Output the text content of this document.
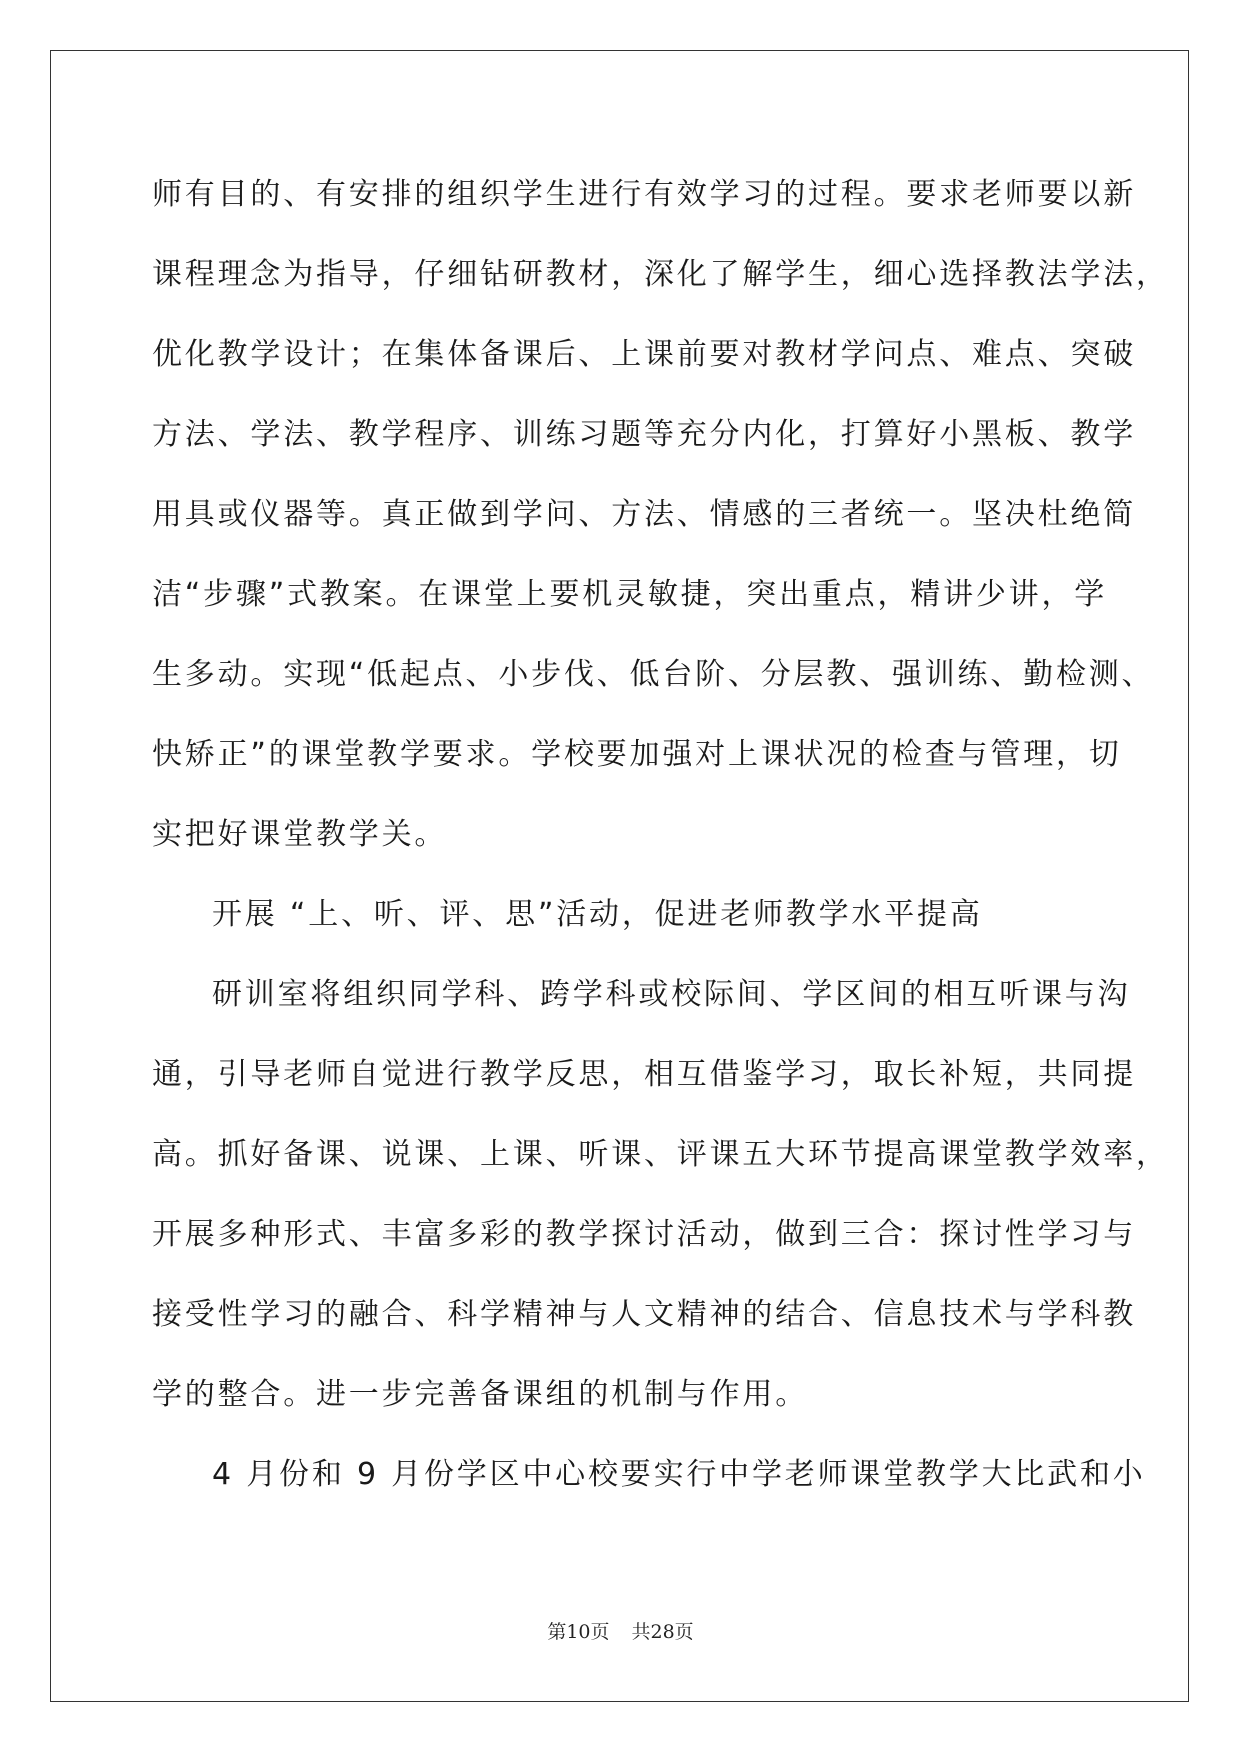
师有目的、有安排的组织学生进行有效学习的过程。要求老师要以新

课程理念为指导，仔细钻研教材，深化了解学生，细心选择教法学法，

优化教学设计；在集体备课后、上课前要对教材学问点、难点、突破

方法、学法、教学程序、训练习题等充分内化，打算好小黑板、教学

用具或仪器等。真正做到学问、方法、情感的三者统一。坚决杜绝简

洁“步骤”式教案。在课堂上要机灵敏捷，突出重点，精讲少讲，学

生多动。实现“低起点、小步伐、低台阶、分层教、强训练、勤检测、

快矫正”的课堂教学要求。学校要加强对上课状况的检查与管理，切

实把好课堂教学关。

开展 “上、听、评、思”活动，促进老师教学水平提高

研训室将组织同学科、跨学科或校际间、学区间的相互听课与沟

通，引导老师自觉进行教学反思，相互借鉴学习，取长补短，共同提

高。抓好备课、说课、上课、听课、评课五大环节提高课堂教学效率，

开展多种形式、丰富多彩的教学探讨活动，做到三合：探讨性学习与

接受性学习的融合、科学精神与人文精神的结合、信息技术与学科教

学的整合。进一步完善备课组的机制与作用。

4 月份和 9 月份学区中心校要实行中学老师课堂教学大比武和小

第10页 共28页
